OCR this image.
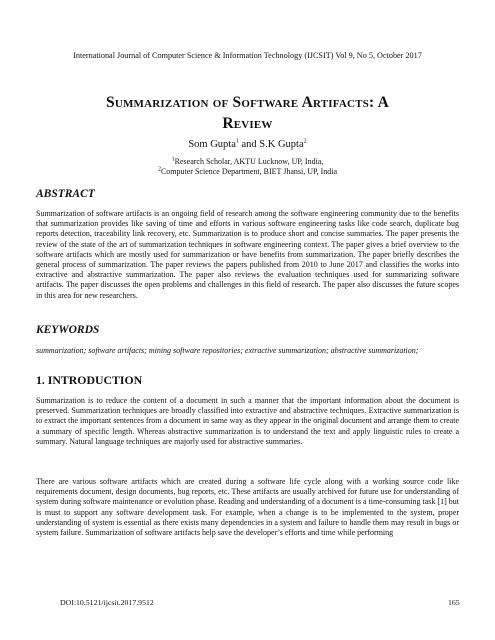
International Journal of Computer Science & Information Technology (IJCSIT) Vol 9, No 5, October 2017
Summarization of Software Artifacts: A
Review
Som Gupta$^1$ and S.K Gupta$^2$
$^1$Research Scholar, AKTU Lucknow, UP, India,
$^2$Computer Science Department, BIET Jhansi, UP, India
ABSTRACT
Summarization of software artifacts is an ongoing field of research among the software engineering community due to the benefits that summarization provides like saving of time and efforts in various software engineering tasks like code search, duplicate bug reports detection, traceability link recovery, etc. Summarization is to produce short and concise summaries. The paper presents the review of the state of the art of summarization techniques in software engineering context. The paper gives a brief overview to the software artifacts which are mostly used for summarization or have benefits from summarization. The paper briefly describes the general process of summarization. The paper reviews the papers published from 2010 to June 2017 and classifies the works into extractive and abstractive summarization. The paper also reviews the evaluation techniques used for summarizing software artifacts. The paper discusses the open problems and challenges in this field of research. The paper also discusses the future scopes in this area for new researchers.
KEYWORDS
summarization; software artifacts; mining software repositories; extractive summarization; abstractive summarization;
1. INTRODUCTION
Summarization is to reduce the content of a document in such a manner that the important information about the document is preserved. Summarization techniques are broadly classified into extractive and abstractive techniques. Extractive summarization is to extract the important sentences from a document in same way as they appear in the original document and arrange them to create a summary of specific length. Whereas abstractive summarization is to understand the text and apply linguistic rules to create a summary. Natural language techniques are majorly used for abstractive summaries.
There are various software artifacts which are created during a software life cycle along with a working source code like requirements document, design documents, bug reports, etc. These artifacts are usually archived for future use for understanding of system during software maintenance or evolution phase. Reading and understanding of a document is a time-consuming task [1] but is must to support any software development task. For example, when a change is to be implemented to the system, proper understanding of system is essential as there exists many dependencies in a system and failure to handle them may result in bugs or system failure. Summarization of software artifacts help save the developer’s efforts and time while performing
DOI:10.5121/ijcsit.2017.9512	165
